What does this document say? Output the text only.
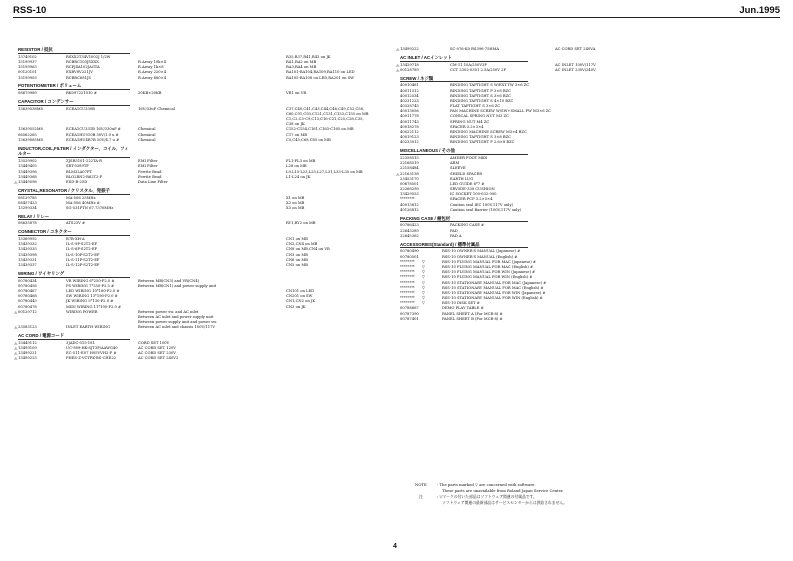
RSS-10	Jun.1995
RESISTOR / 抵抗
13749102	RSXX2T34V1002J 1/2W	R35,R37,R41,R43 on JK
15199937	RCBRC103JSXXX	R.Array 10k×4	RA1,RA2 on MB
15199963	RCFJ4A102JAGTA	R.Array 1k×8	RA3,RA4 on MB
00120101	EXBV8V221JV	R.Array 220×4	RA101-RA104,RA109,RA110 on LED
15199903	RCBRC681JS	R.Array 680×4	RA105-RA108 on LED,RA201 on SW
POTENTIOMETER / ボリューム
08679989	RK097221010 #	20KB×20KB	VR1 on VR
CAPACITOR / コンデンサー
13639538M8	ECEA1CU330B	16V/33uF Chemical	C37,C40,C41,C43,C44,C46,C49,C52,C58,
C60,C91,C93,C121,C131,C133,C155 on MB
C1,C2,C5-C9,C13,C16-C21,C25,C28,C35,
C38 on JK
13639552M8	ECEA1CU331B 16V/330uF #	Chemical	C152-C154,C161,C163-C165 on MB
06562265	ECEA1HU010B 50V/1.0 u #	Chemical	C17 on MB
13639085M8	ECEA1HU4R7B 50V/4.7 u #	Chemical	C5,C45,C68,C85 on MB
INDUCTOR,COIL,FILTER / インダクター、コイル、フィルター
13529902	ZJSR5101-222TA-R	EMI Filter	FL1-FL3 on MB
13449405	SRT-0389TF	EMI Filter	L28 on MB
13449396	BLM32A07PT	Ferrite Bead	L9,L15-L23,L25,L27,L31,L33-L35 on MB
13449368	BLO2RN2-R62T2-F	Ferrite Bead	L1-L24 on JK
⚠ 13449598	ESD-R-25D	Data Line Filter
CRYSTAL,RESONATOR / クリスタル、発振子
08129785	MA-506 25MHz	X1 on MB
08457423	MA-506 40MHz #	X2 on MB
13299334	SG-531PTN 67.7376MHz	X3 on MB
RELAY / リレー
08635878	ATS23V #	RY1,RY2 on MB
CONNECTOR / コネクター
13369992	B7B-XH-A	CN1 on MB
13439332	IL-S-9P-S2T2-EF	CN2,CN4 on MB
13439335	IL-S-6P-S2T2-EF	CN8 on MB,CN4 on VR
13439398	IL-S-10P-S2T2-EF	CN3 on MB
13439331	IL-S-11P-S2T2-EF	CN6 on MB
13439337	IL-S-12P-S2T2-EF	CN5 on MB
WIRING / ワイヤリング
00780434	VR WIRING 6*250-P2.0 #	Between MB(CN3) and VR(CN4)
00780456	PS WIRING 7*250-P2.5 #	Between MB(CN1) and power supply unit
00780467	LED WIRING 10*160-P2.0 #	CN101 on LED
00780468	SW WIRING 13*190-P2.0 #	CN201 on SW
00780445	JK WIRING 5*130-P2.0 #	CN1,CN2 on JK
00780478	MIDI WIRING 11*100-P2.0 #	CN3 on JK
⚠ 00129712	WIRING POWER	Between power sw. and AC inlet
Between AC inlet and power supply unit
Between power supply unit and power sw.
⚠ 23583123	INLET EARTH WIRING	Between AC inlet and chassis 100V/117V
AC CORD / 電源コード
⚠ 13449112	3JADC-015-181	CORD SET 100V
⚠ 13499109	UC-989-HK-SJT3P/AAWG40	AC CORD SET 120V
⚠ 13499221	EC-511-E07 H05VVH2-F #	AC CORD SET 230V
⚠ 13499223	PHES-Z-VCTPK-BS-CHE22	AC CORD SET 240V2
⚠ 13499222	SC-076-K0 RS396-75HMA	AC CORD SET 240VA
AC INLET / ACインレット
⚠ 13429718	CM-11 10A/250V3P	AC INLET 100V/117V
⚠ 00128789	CCT 2302-0301 2.5A/250V 2P	AC INLET 230V/240V
SCREW / ネジ類
40010461	BINDING TAPTIGHT S W/EXT.TW 3×6 ZC
40011312	BINDING TAPTIGHT P 3×8 BZC
40012534	BINDING TAPTIGHT S 3×6 BZC
40231223	BINDING TAPTIGHT S 4×10 BZC
40328745	FLAT TAPTIGHT S 3×6 ZC
40013056	PAN MACHINE SCREW W/SW+SMALL FW M3×6 ZC
40011778	CONICAL SPRING NUT M3 ZC
40011743	SPRING NUT M4 ZC
40018278	SPACER 3.2×3×4
40022112	BINDING MACHINE SCREW M3×4 BZC
40019123	BINDING TAPTIGHT S 3×8 BZC
40233012	BINDING TAPTIGHT P 2.6×8 BZC
MISCELLANEOUS / その他
22358515	AMDER FOOT MKS
22168519	ARM
22158484	SLEEVE
⚠ 22163138	SHIELD SPACER
23453170	EARTH LUG
00678501	LED GUIDE 6*7 #
22268299	SRV5DE-330 CUSHION
13429553	IC SOCKET 100-032-000
********	SPACER PCP 3.2×5×4
40013812	Caution seal IEC 100V,117V only)
40126812	Caution seal Barrier (100V,117V only)
PACKING CASE / 梱包材
00786423	PACKING CASE #
22643289	PAD
22645362	PAD A
ACCESSORIES(Standard) / 標準付属品
00780490	RSS-10 OWNER'S MANUAL (Japanese) #
00780501	RSS-10 OWNER'S MANUAL (English) #
******** ▽	RSS-10 FLYING MANUAL FOR MAC (Japanese) #
******** ▽	RSS-10 FLYING MANUAL FOR MAC (English) #
******** ▽	RSS-10 FLYING MANUAL FOR WIN (Japanese) #
******** ▽	RSS-10 FLYING MANUAL FOR WIN (English) #
******** ▽	RSS-10 STATIONARY MANUAL FOR MAC (Japanese) #
******** ▽	RSS-10 STATIONARY MANUAL FOR MAC (English) #
******** ▽	RSS-10 STATIONARY MANUAL FOR WIN (Japanese) #
******** ▽	RSS-10 STATIONARY MANUAL FOR WIN (English) #
******** ▽	RSS-10 DISK SET #
00788667	DEMO PLAY TABLE #
00787390	PANEL SHEET A (For MCR-8) #
00787401	PANEL SHEET B (For MCR-8) #
NOTE	: The parts marked ▽ are concerned with software.
These parts are unavailable from Roland Japan Service Center.
注	: ▽マークの付いた部品はソフトウェア関連の付属品です。
ソフトウェア関連の最新部品はサービスセンターからは供給されません。
4
